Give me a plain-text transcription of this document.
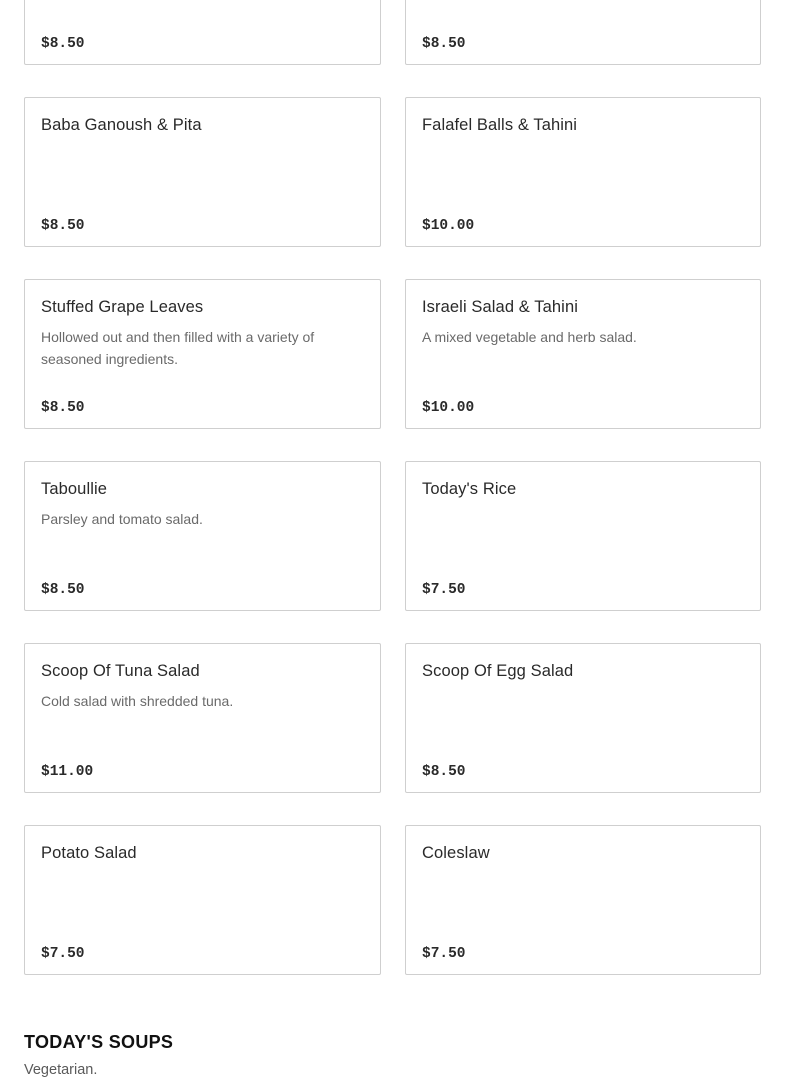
$8.50	$8.50
Baba Ganoush & Pita
$8.50
Falafel Balls & Tahini
$10.00
Stuffed Grape Leaves
Hollowed out and then filled with a variety of seasoned ingredients.
$8.50
Israeli Salad & Tahini
A mixed vegetable and herb salad.
$10.00
Taboullie
Parsley and tomato salad.
$8.50
Today's Rice
$7.50
Scoop Of Tuna Salad
Cold salad with shredded tuna.
$11.00
Scoop Of Egg Salad
$8.50
Potato Salad
$7.50
Coleslaw
$7.50
TODAY'S SOUPS
Vegetarian.
